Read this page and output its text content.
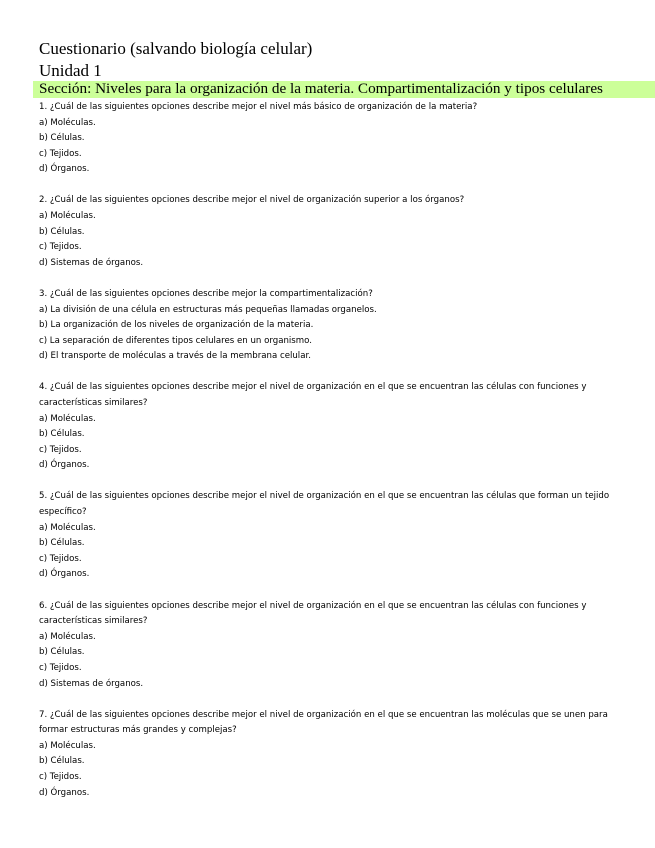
Cuestionario (salvando biología celular)
Unidad 1
Sección: Niveles para la organización de la materia. Compartimentalización y tipos celulares
1. ¿Cuál de las siguientes opciones describe mejor el nivel más básico de organización de la materia?
a) Moléculas.
b) Células.
c) Tejidos.
d) Órganos.
2. ¿Cuál de las siguientes opciones describe mejor el nivel de organización superior a los órganos?
a) Moléculas.
b) Células.
c) Tejidos.
d) Sistemas de órganos.
3. ¿Cuál de las siguientes opciones describe mejor la compartimentalización?
a) La división de una célula en estructuras más pequeñas llamadas organelos.
b) La organización de los niveles de organización de la materia.
c) La separación de diferentes tipos celulares en un organismo.
d) El transporte de moléculas a través de la membrana celular.
4. ¿Cuál de las siguientes opciones describe mejor el nivel de organización en el que se encuentran las células con funciones y características similares?
a) Moléculas.
b) Células.
c) Tejidos.
d) Órganos.
5. ¿Cuál de las siguientes opciones describe mejor el nivel de organización en el que se encuentran las células que forman un tejido específico?
a) Moléculas.
b) Células.
c) Tejidos.
d) Órganos.
6. ¿Cuál de las siguientes opciones describe mejor el nivel de organización en el que se encuentran las células con funciones y características similares?
a) Moléculas.
b) Células.
c) Tejidos.
d) Sistemas de órganos.
7. ¿Cuál de las siguientes opciones describe mejor el nivel de organización en el que se encuentran las moléculas que se unen para formar estructuras más grandes y complejas?
a) Moléculas.
b) Células.
c) Tejidos.
d) Órganos.
